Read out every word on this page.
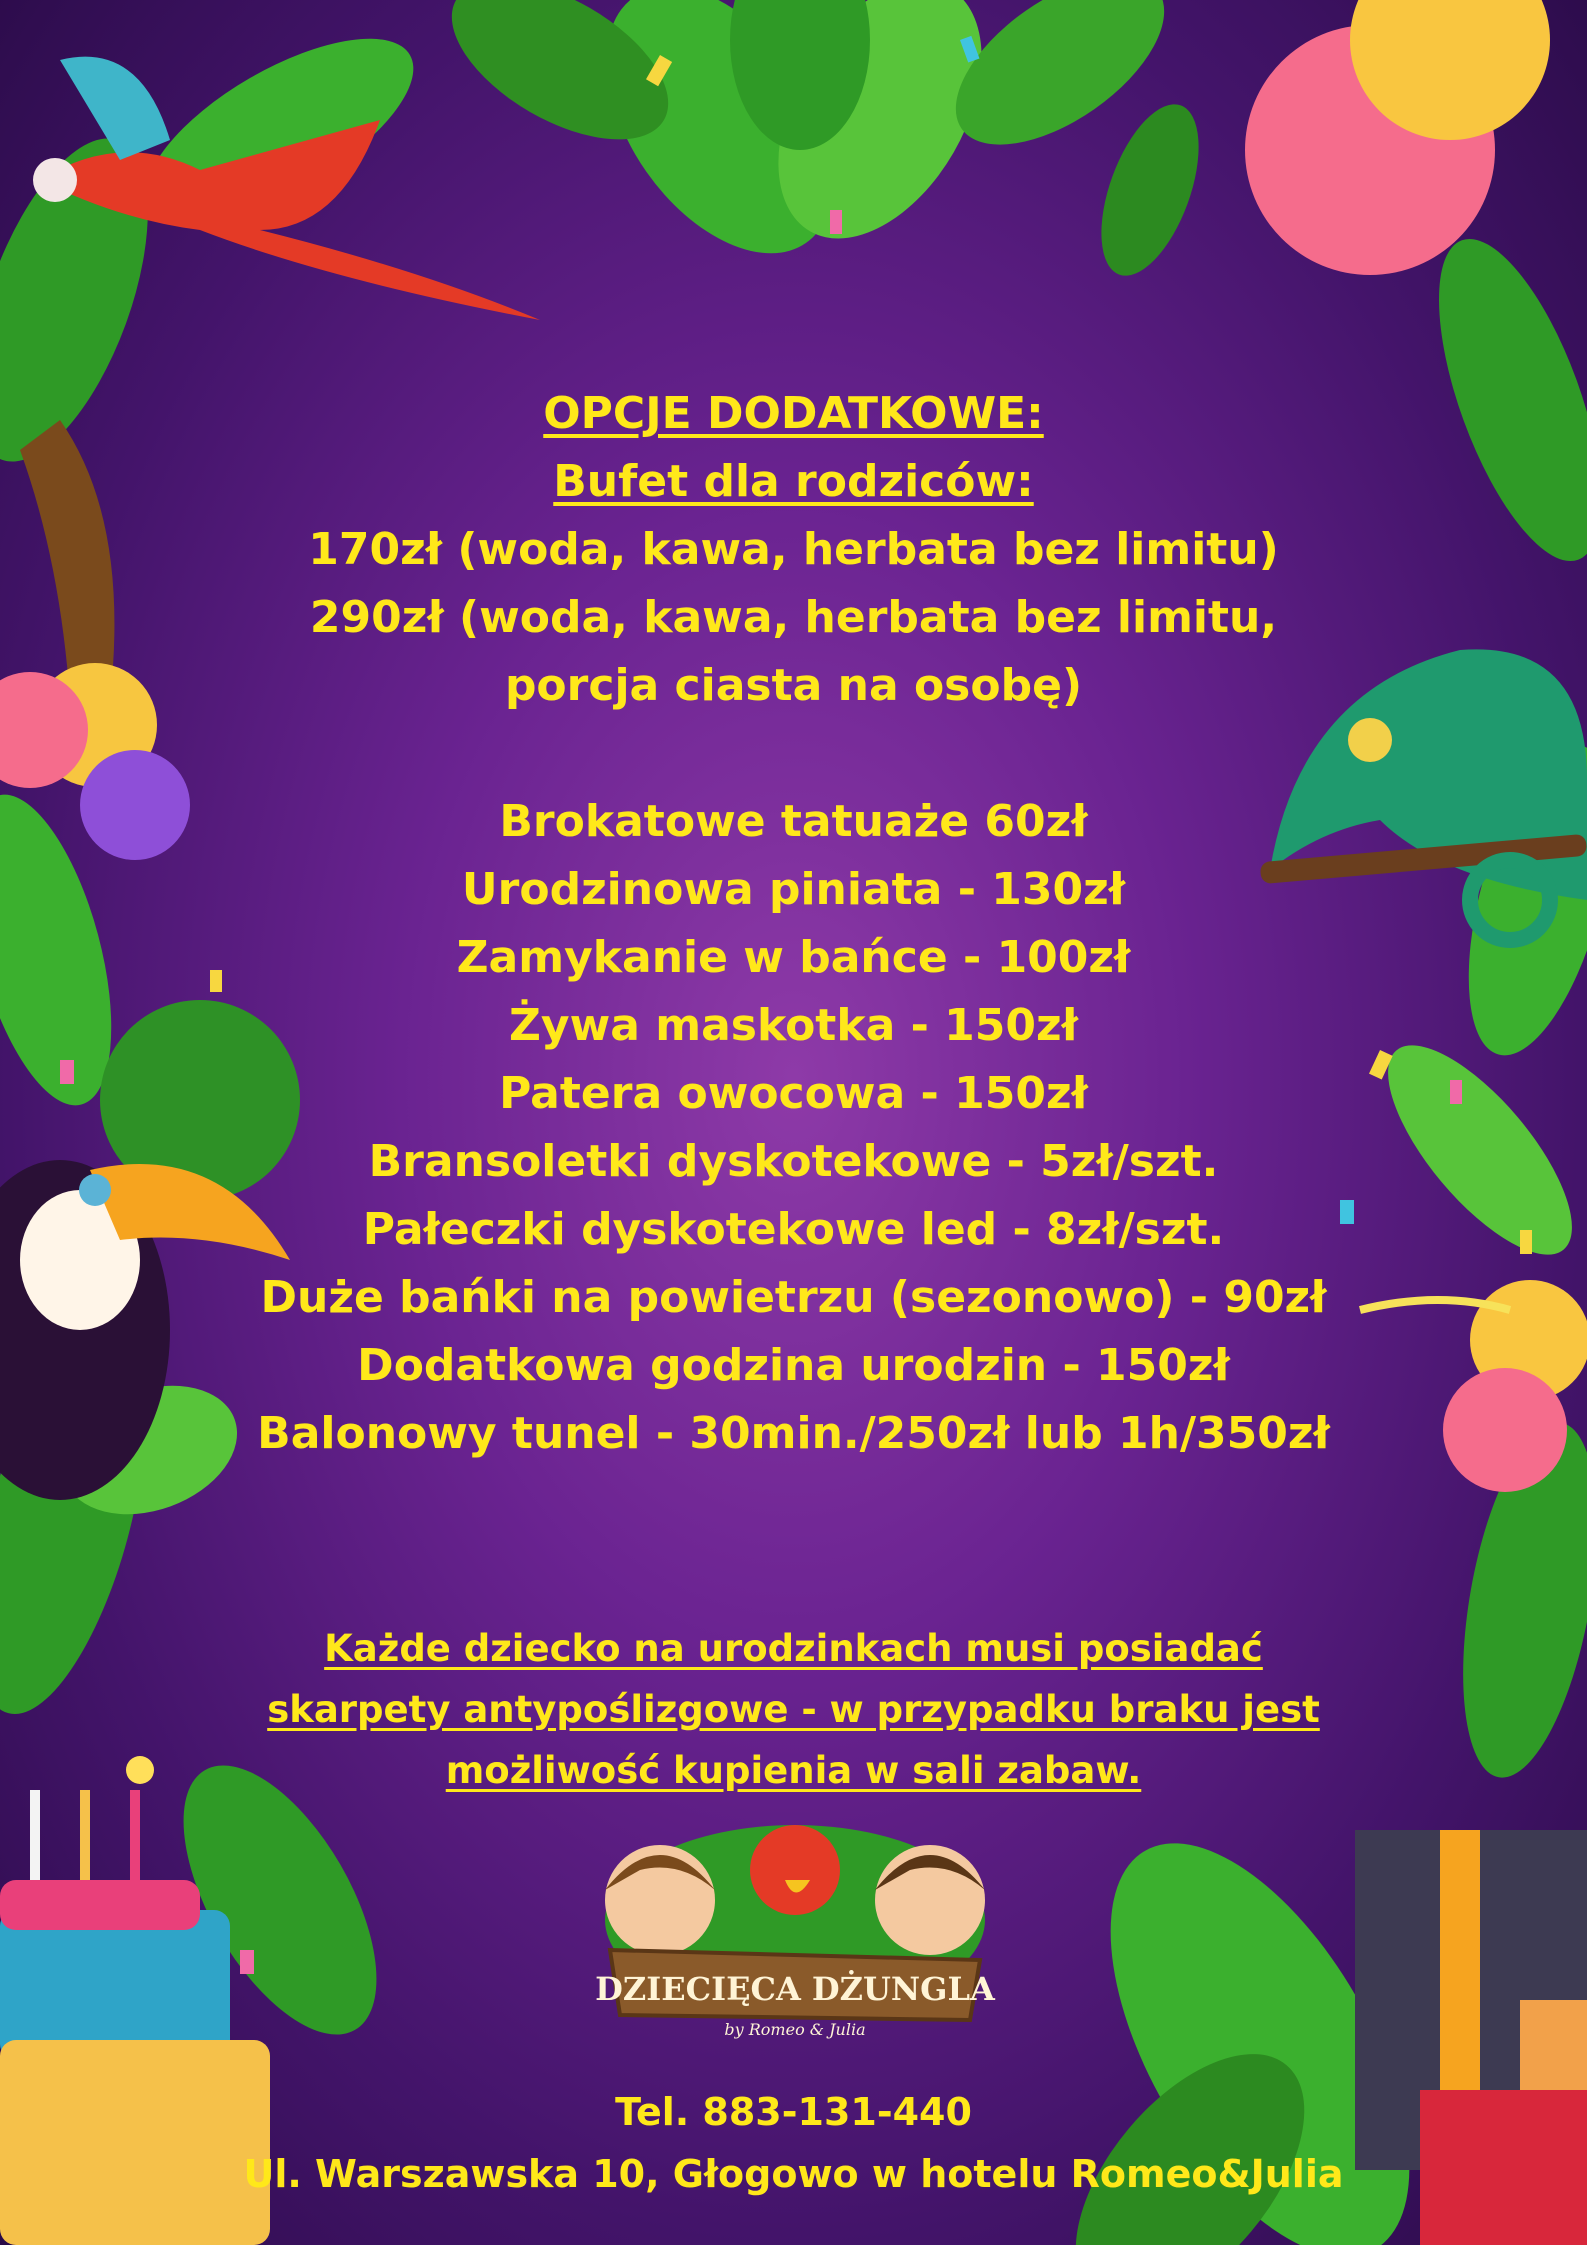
OPCJE DODATKOWE:

Bufet dla rodziców:

170zł (woda, kawa, herbata bez limitu)

290zł (woda, kawa, herbata bez limitu,

porcja ciasta na osobę)

Brokatowe tatuaże 60zł

Urodzinowa piniata - 130zł

Zamykanie w bańce - 100zł

Żywa maskotka - 150zł

Patera owocowa - 150zł

Bransoletki dyskotekowe - 5zł/szt.

Pałeczki dyskotekowe led - 8zł/szt.

Duże bańki na powietrzu (sezonowo) - 90zł

Dodatkowa godzina urodzin - 150zł

Balonowy tunel - 30min./250zł lub 1h/350zł

Każde dziecko na urodzinkach musi posiadać

skarpety antypoślizgowe - w przypadku braku jest

możliwość kupienia w sali zabaw.

DZIECIĘCA DŻUNGLA
by Romeo & Julia
Tel. 883-131-440
Ul. Warszawska 10, Głogowo w hotelu Romeo&Julia
